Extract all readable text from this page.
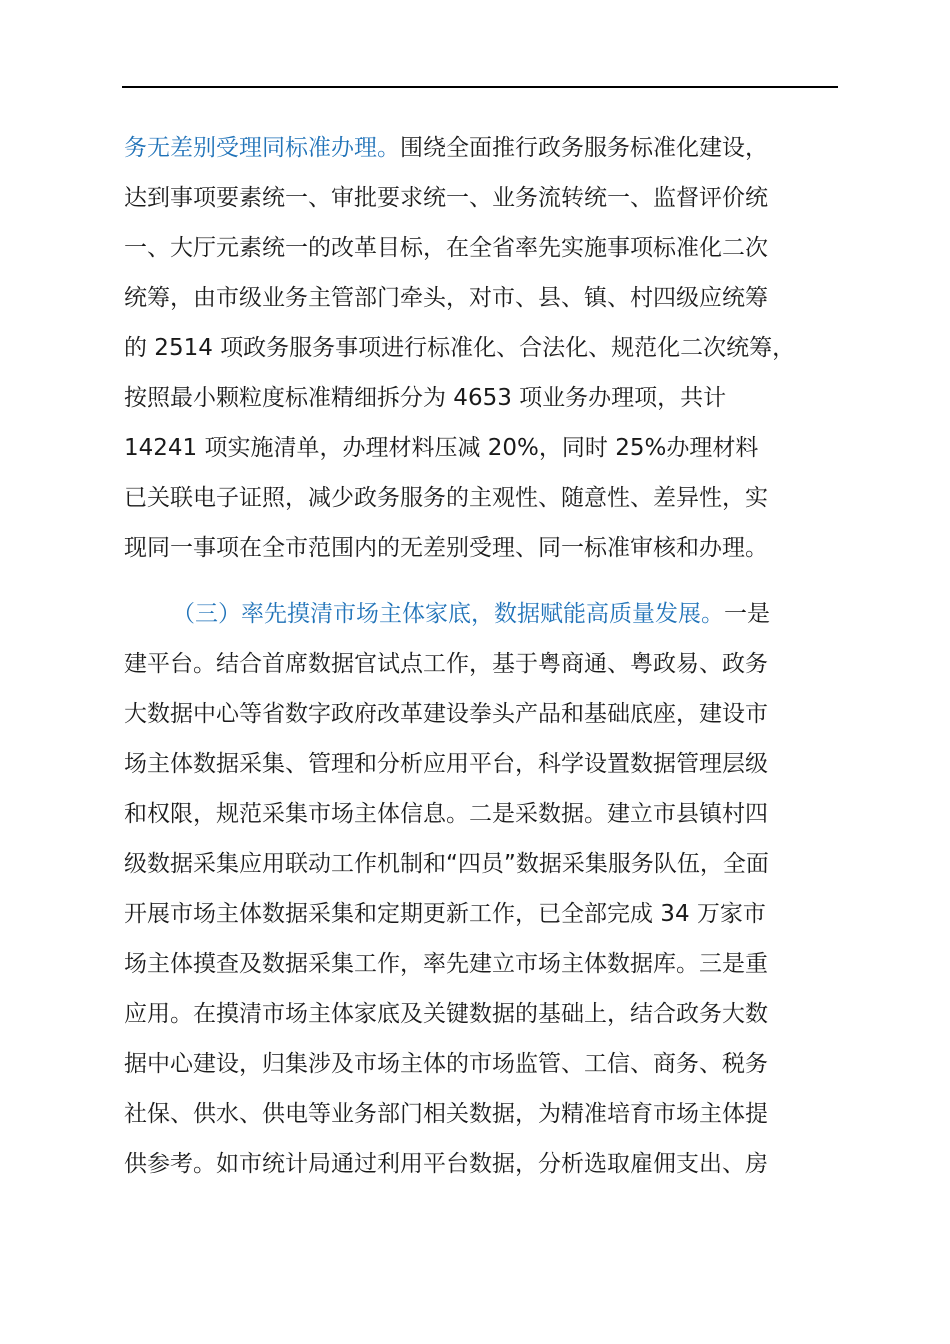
务无差别受理同标准办理。围绕全面推行政务服务标准化建设，
达到事项要素统一、审批要求统一、业务流转统一、监督评价统
一、大厅元素统一的改革目标，在全省率先实施事项标准化二次
统筹，由市级业务主管部门牵头，对市、县、镇、村四级应统筹
的 2514 项政务服务事项进行标准化、合法化、规范化二次统筹，
按照最小颗粒度标准精细拆分为 4653 项业务办理项，共计
14241 项实施清单，办理材料压减 20%，同时 25%办理材料
已关联电子证照，减少政务服务的主观性、随意性、差异性，实
现同一事项在全市范围内的无差别受理、同一标准审核和办理。
（三）率先摸清市场主体家底，数据赋能高质量发展。一是
建平台。结合首席数据官试点工作，基于粤商通、粤政易、政务
大数据中心等省数字政府改革建设拳头产品和基础底座，建设市
场主体数据采集、管理和分析应用平台，科学设置数据管理层级
和权限，规范采集市场主体信息。二是采数据。建立市县镇村四
级数据采集应用联动工作机制和“四员”数据采集服务队伍，全面
开展市场主体数据采集和定期更新工作，已全部完成 34 万家市
场主体摸查及数据采集工作，率先建立市场主体数据库。三是重
应用。在摸清市场主体家底及关键数据的基础上，结合政务大数
据中心建设，归集涉及市场主体的市场监管、工信、商务、税务
社保、供水、供电等业务部门相关数据，为精准培育市场主体提
供参考。如市统计局通过利用平台数据，分析选取雇佣支出、房
